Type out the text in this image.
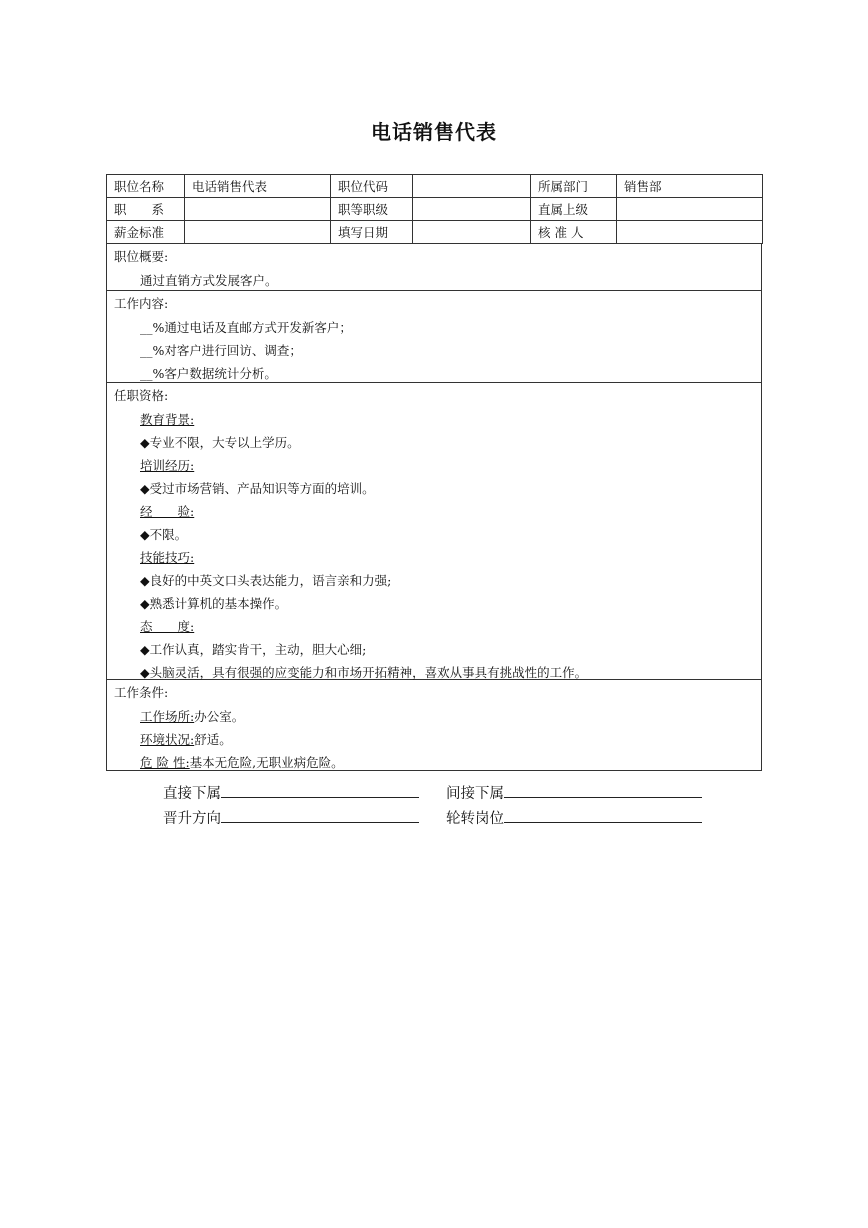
电话销售代表
职位名称	电话销售代表	职位代码		所属部门	销售部
职　　系		职等职级		直属上级	
薪金标准		填写日期		核 准 人	
职位概要:
通过直销方式发展客户。
工作内容:
__%通过电话及直邮方式开发新客户；
__%对客户进行回访、调查；
__%客户数据统计分析。
任职资格:
教育背景:
◆专业不限，大专以上学历。
培训经历:
◆受过市场营销、产品知识等方面的培训。
经　　验:
◆不限。
技能技巧:
◆良好的中英文口头表达能力，语言亲和力强;
◆熟悉计算机的基本操作。
态　　度:
◆工作认真，踏实肯干，主动，胆大心细;
◆头脑灵活，具有很强的应变能力和市场开拓精神，喜欢从事具有挑战性的工作。
工作条件:
工作场所:办公室。
环境状况:舒适。
危 险 性:基本无危险,无职业病危险。
直接下属	间接下属
晋升方向	轮转岗位
